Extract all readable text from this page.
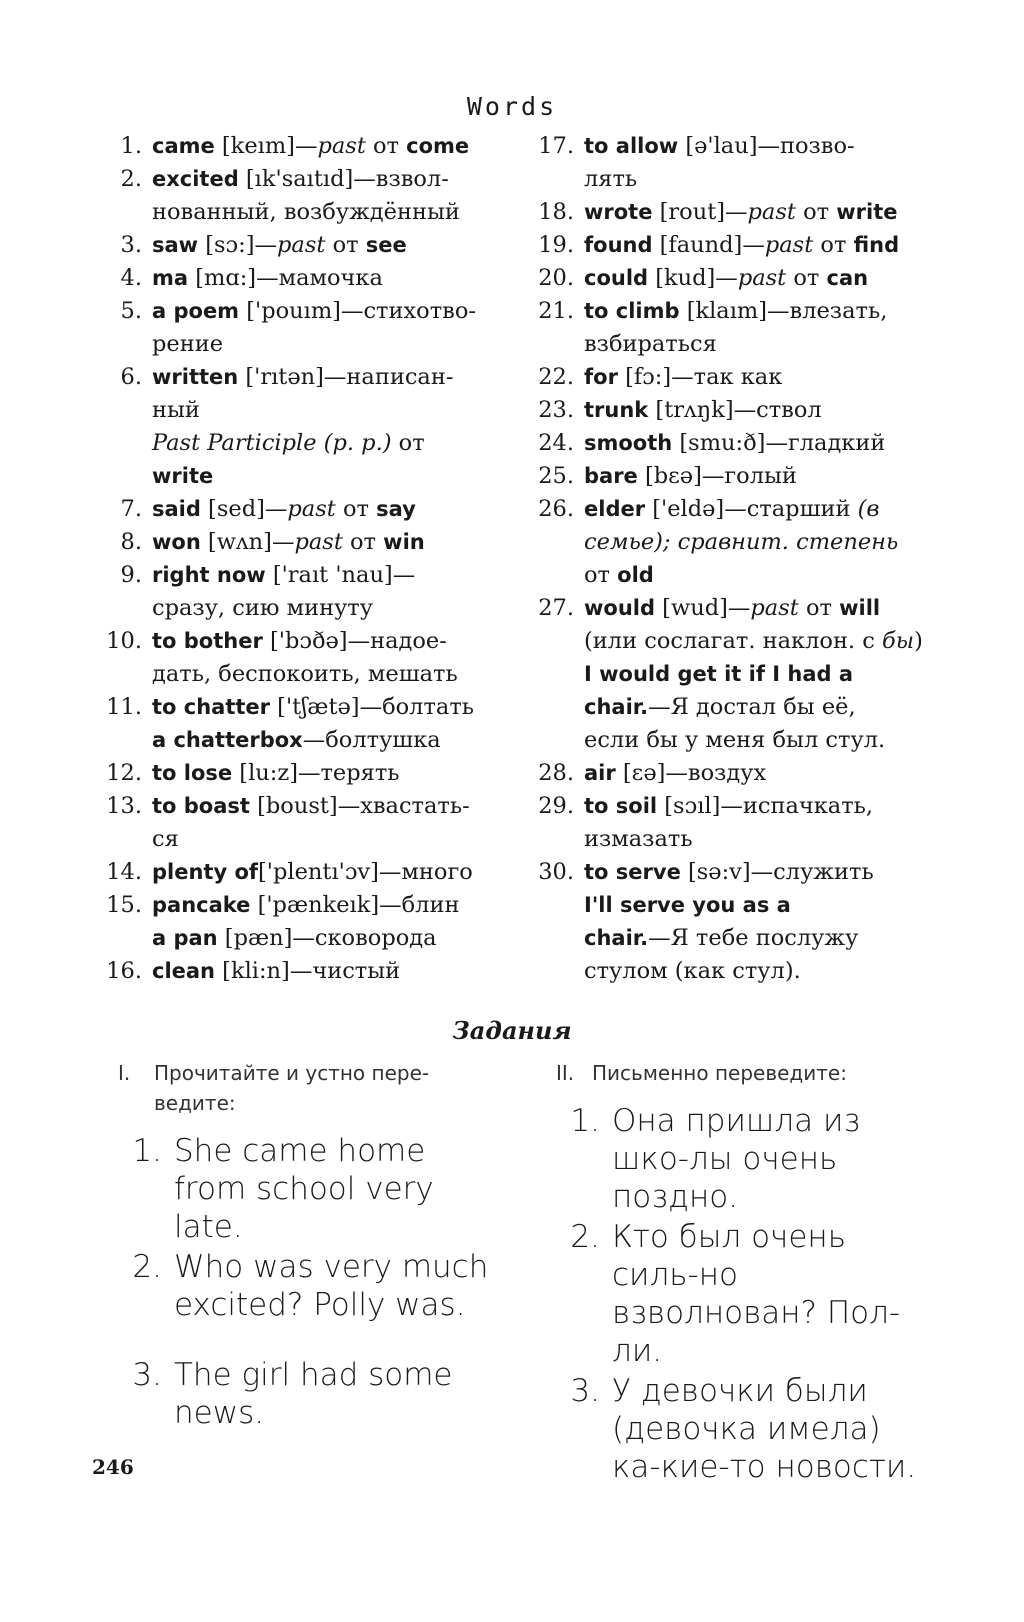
Words
1. came [keım]—past от come
2. excited [ık'saıtıd]—взвол-
нованный, возбуждённый
3. saw [sɔ:]—past от see
4. ma [mɑ:]—мамочка
5. a poem ['pouım]—стихотво-
рение
6. written ['rıtən]—написан-
ный
Past Participle (p. p.) от
write
7. said [sed]—past от say
8. won [wʌn]—past от win
9. right now ['raıt 'nau]—
сразу, сию минуту
10. to bother ['bɔðə]—надое-
дать, беспокоить, мешать
11. to chatter ['tʃætə]—болтать
a chatterbox—болтушка
12. to lose [lu:z]—терять
13. to boast [boust]—хвастать-
ся
14. plenty of['plentı'ɔv]—много
15. pancake ['pænkeık]—блин
a pan [pæn]—сковорода
16. clean [kli:n]—чистый
17. to allow [ə'lau]—позво-
лять
18. wrote [rout]—past от write
19. found [faund]—past от find
20. could [kud]—past от can
21. to climb [klaım]—влезать,
взбираться
22. for [fɔ:]—так как
23. trunk [trʌŋk]—ствол
24. smooth [smu:ð]—гладкий
25. bare [bɛə]—голый
26. elder ['eldə]—старший (в
семье); сравнит. степень
от old
27. would [wud]—past от will
(или сослагат. наклон. с бы)
I would get it if I had a
chair.—Я достал бы её,
если бы у меня был стул.
28. air [ɛə]—воздух
29. to soil [sɔıl]—испачкать,
измазать
30. to serve [sə:v]—служить
I'll serve you as a
chair.—Я тебе послужу
стулом (как стул).
Задания
I.	Прочитайте и устно пере-ведите:
1. She came home from school very late.
2. Who was very much excited? Polly was.
3. The girl had some news.
II. Письменно переведите:
1. Она пришла из шко-лы очень поздно.
2. Кто был очень силь-но взволнован? Пол-ли.
3. У девочки были (девочка имела) ка-кие-то новости.
246
